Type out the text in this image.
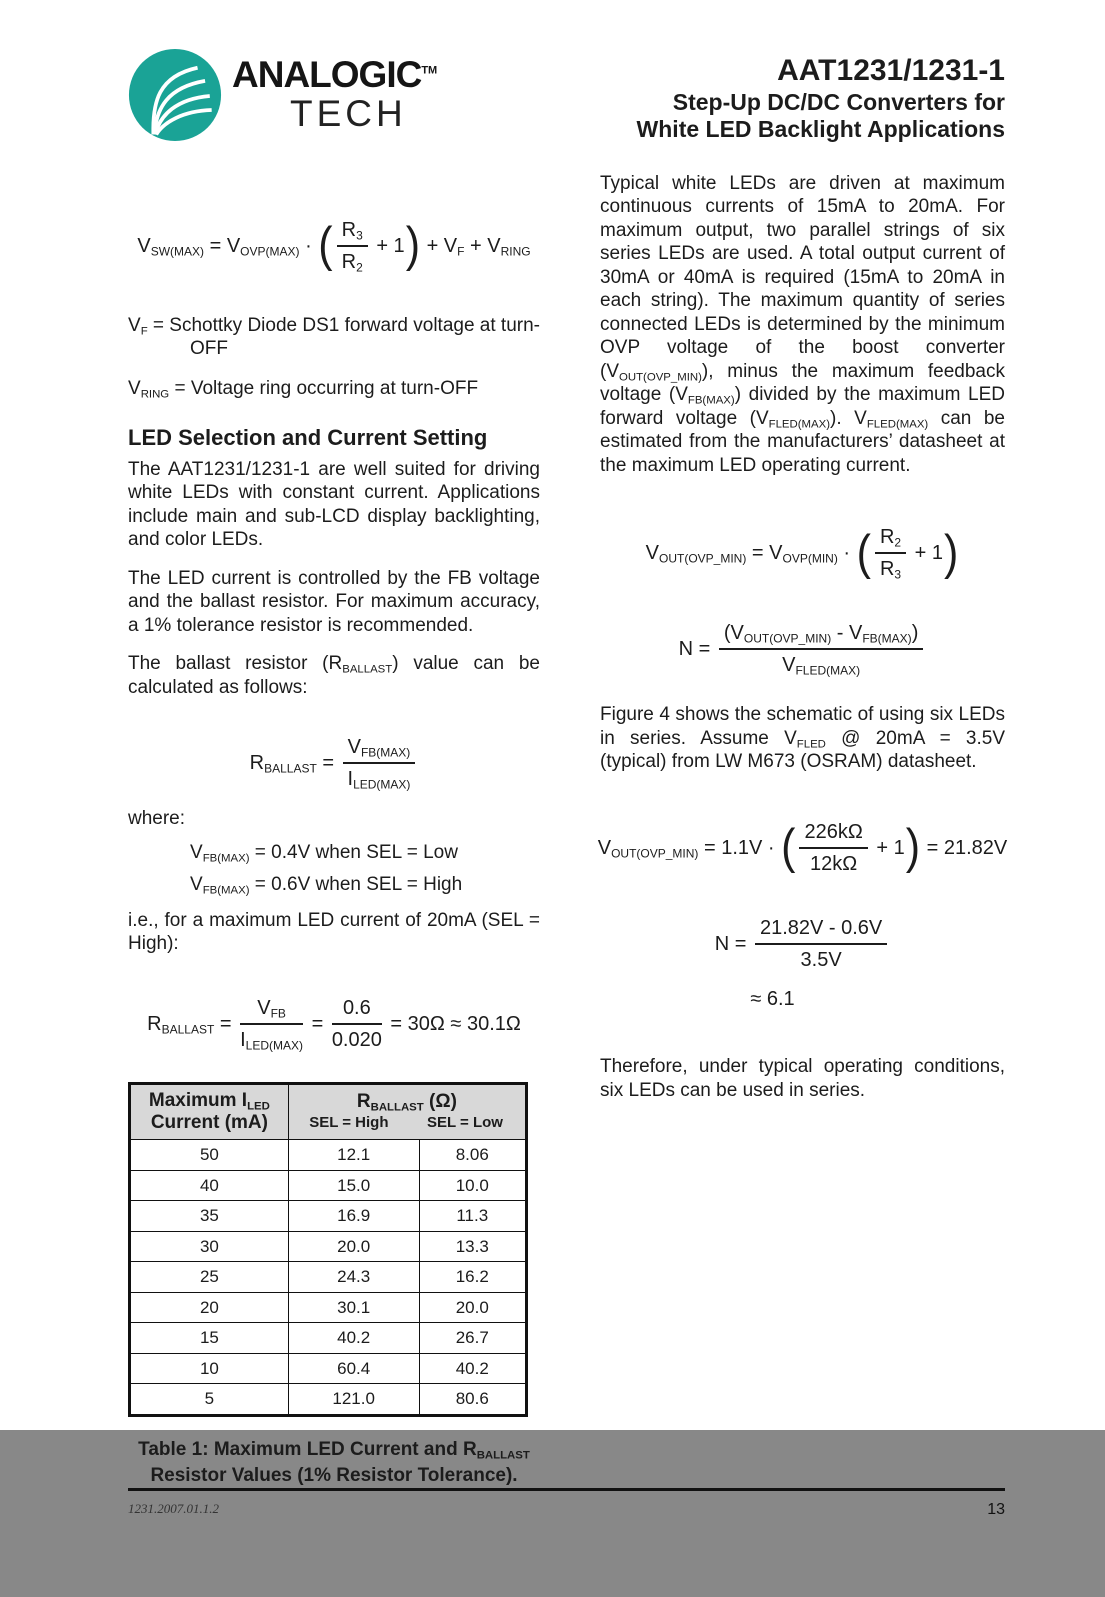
ANALOGIC™
TECH
AAT1231/1231-1
Step-Up DC/DC Converters for
White LED Backlight Applications
$V_{SW(MAX)} = V_{OVP(MAX)}$ · ( $\frac{R_3}{R_2} + 1$ ) + $V_F + V_{RING}$
$V_F$ = Schottky Diode DS1 forward voltage at turn-
OFF
$V_{RING}$ = Voltage ring occurring at turn-OFF
LED Selection and Current Setting

The AAT1231/1231-1 are well suited for driving white LEDs with constant current. Applications include main and sub-LCD display backlighting, and color LEDs.

The LED current is controlled by the FB voltage and the ballast resistor. For maximum accuracy, a 1% tolerance resistor is recommended.

The ballast resistor $(R_{BALLAST})$ value can be calculated as follows:

$R_{BALLAST} = \frac{V_{FB(MAX)}}{I_{LED(MAX)}}$
where:
$V_{FB(MAX)} = 0.4V$ when SEL = Low
$V_{FB(MAX)} = 0.6V$ when SEL = High

i.e., for a maximum LED current of 20mA (SEL = High):

$R_{BALLAST} = \frac{V_{FB}}{I_{LED(MAX)}} = \frac{0.6}{0.020} = 30\Omega \approx 30.1\Omega$
Maximum $I_{LED}$
Current (mA)

$R_{BALLAST}$ (Ω)
SEL = High	SEL = Low

50	12.1	8.06
40	15.0	10.0
35	16.9	11.3
30	20.0	13.3
25	24.3	16.2
20	30.1	20.0
15	40.2	26.7
10	60.4	40.2
5	121.0	80.6
Table 1: Maximum LED Current and $R_{BALLAST}$
Resistor Values (1% Resistor Tolerance).

Typical white LEDs are driven at maximum continuous currents of 15mA to 20mA. For maximum output, two parallel strings of six series LEDs are used. A total output current of 30mA or 40mA is required (15mA to 20mA in each string). The maximum quantity of series connected LEDs is determined by the minimum OVP voltage of the boost converter $(V_{OUT(OVP\_MIN)})$, minus the maximum feedback voltage $(V_{FB(MAX)})$ divided by the maximum LED forward voltage $(V_{FLED(MAX)})$. $V_{FLED(MAX)}$ can be estimated from the manufacturers’ datasheet at the maximum LED operating current.

$V_{OUT(OVP\_MIN)} = V_{OVP(MIN)}$ · ( $\frac{R_2}{R_3} + 1$ )
$N = \frac{(V_{OUT(OVP\_MIN)} - V_{FB(MAX)})}{V_{FLED(MAX)}}$

Figure 4 shows the schematic of using six LEDs in series. Assume $V_{FLED}$ @ 20mA = 3.5V (typical) from LW M673 (OSRAM) datasheet.

$V_{OUT(OVP\_MIN)} = 1.1V$ · ( $\frac{226k\Omega}{12k\Omega} + 1$ ) = 21.82V
$N = \frac{21.82V - 0.6V}{3.5V}$
≈ 6.1

Therefore, under typical operating conditions, six LEDs can be used in series.

1231.2007.01.1.2	13
